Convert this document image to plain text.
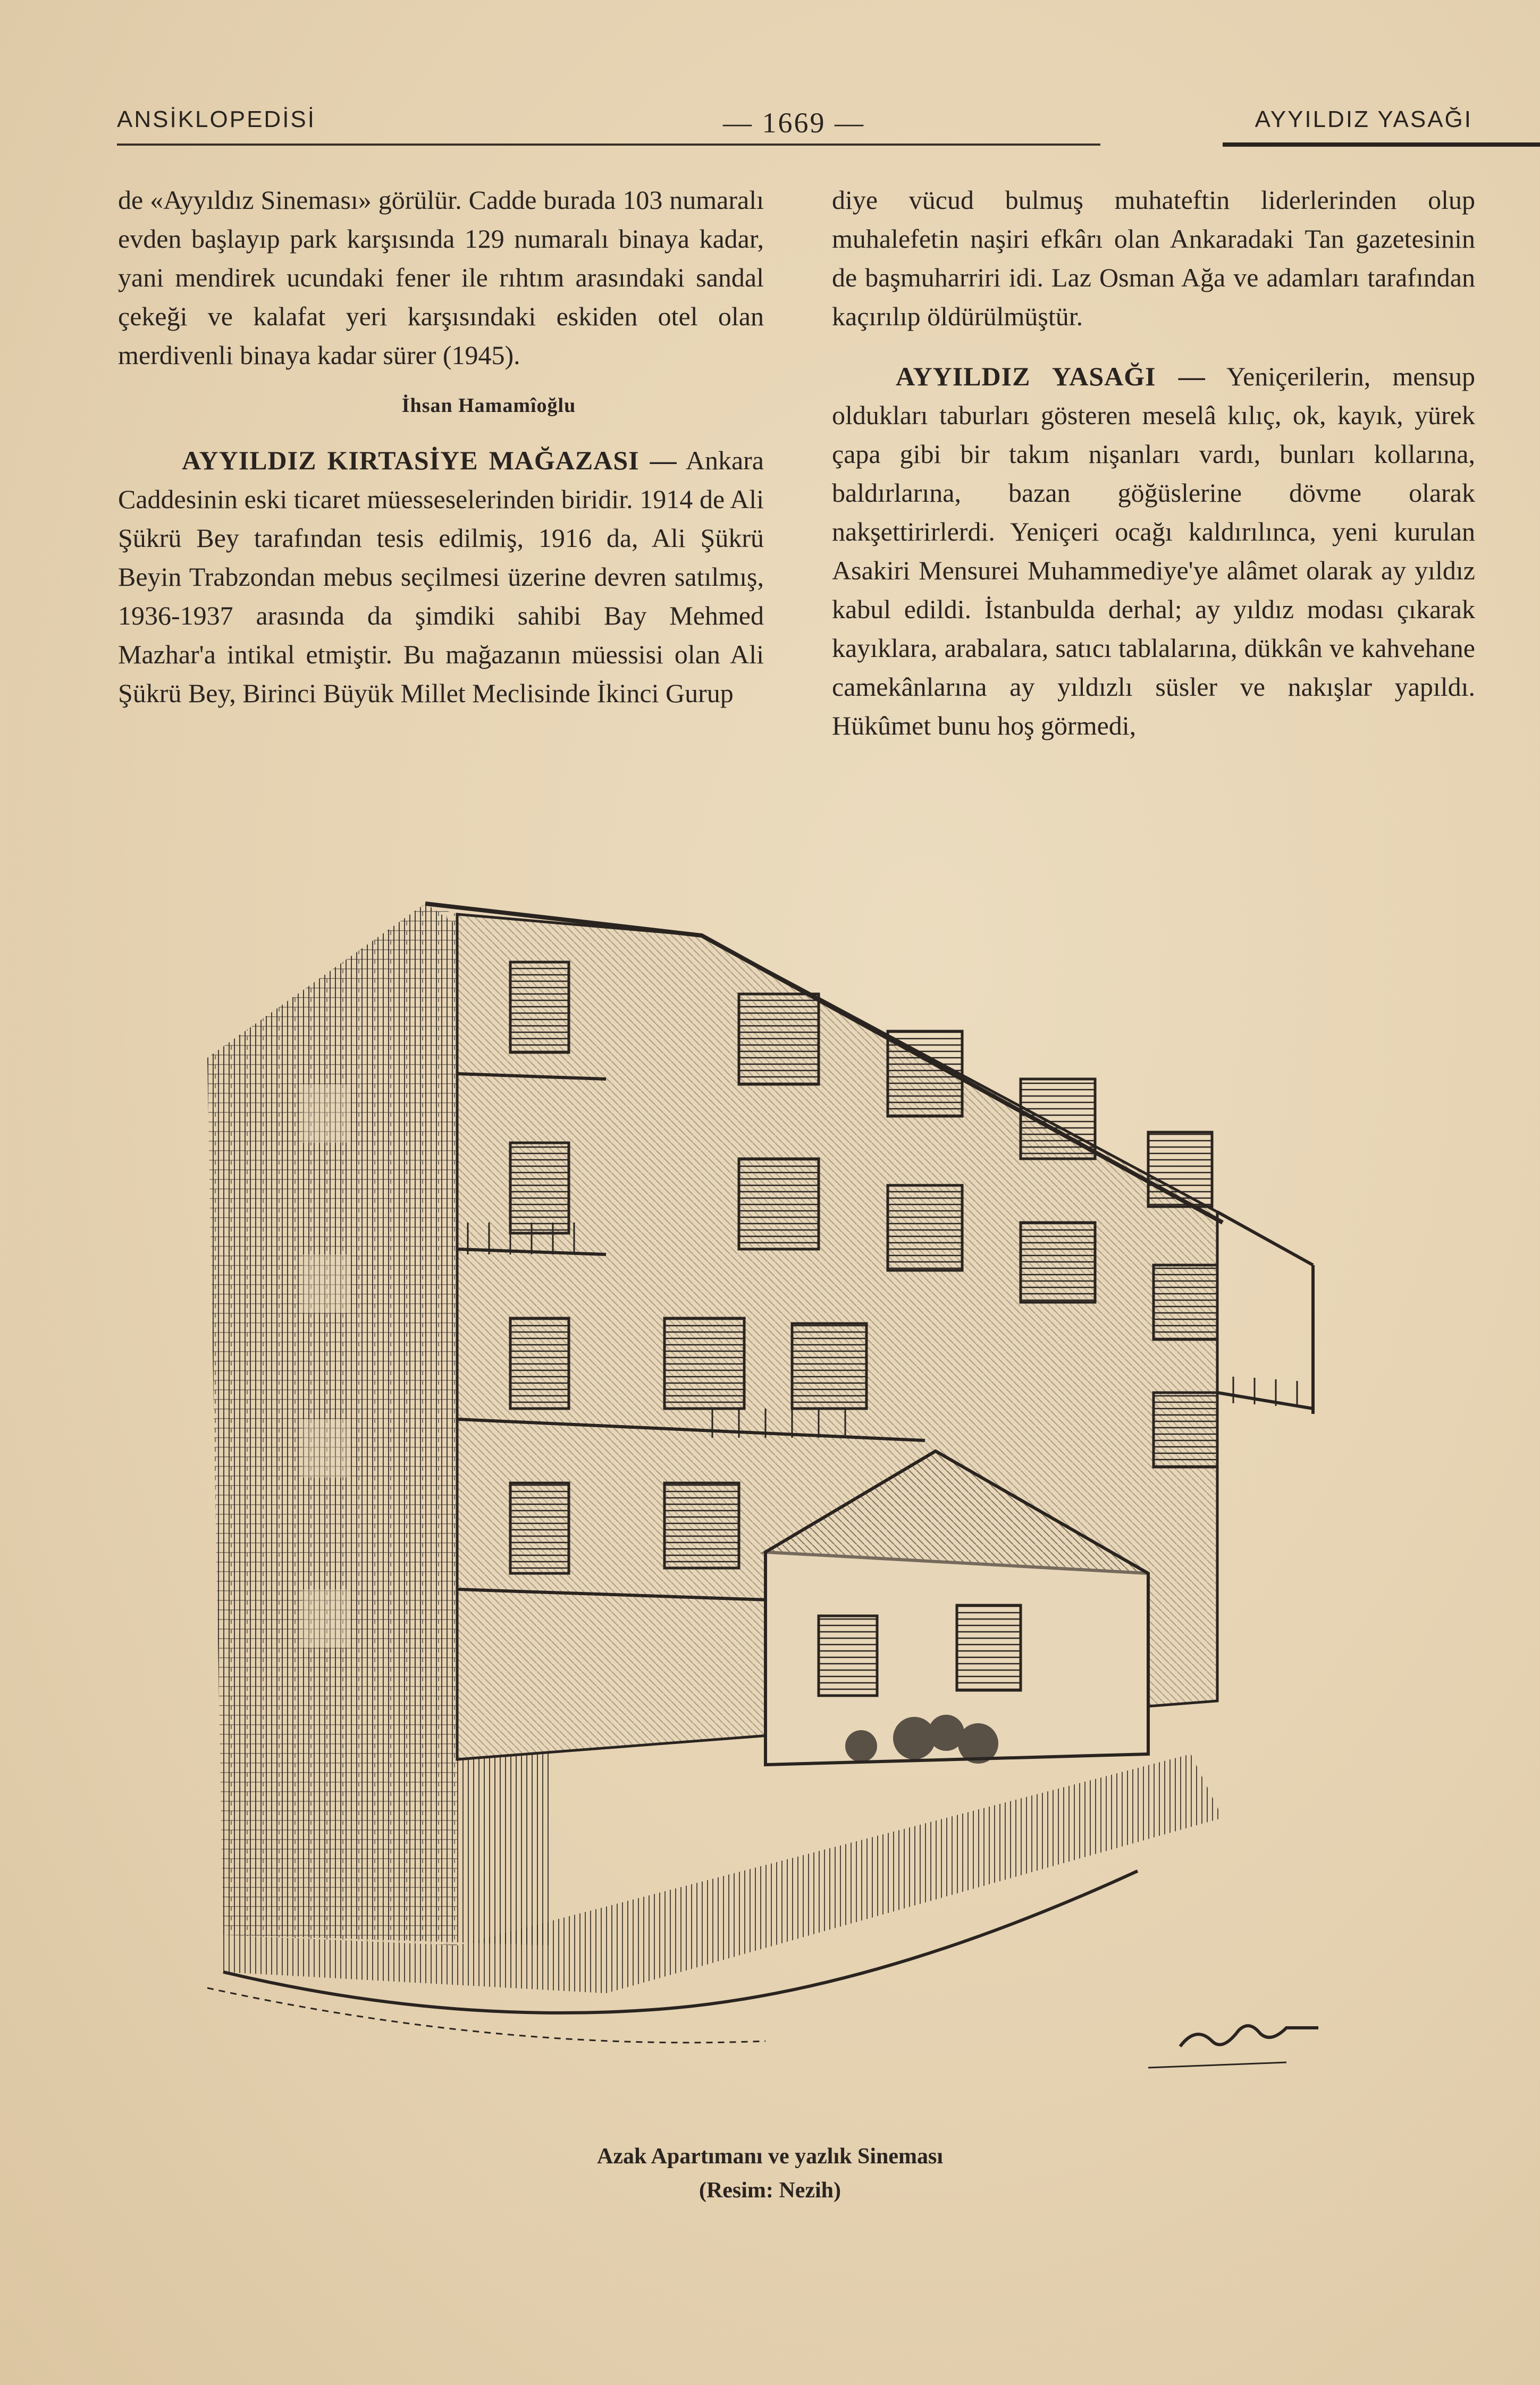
ANSİKLOPEDİSİ	— 1669 —	AYYILDIZ YASAĞI

de «Ayyıldız Sineması» görülür. Cadde burada 103 numaralı evden başlayıp park karşısında 129 numaralı binaya kadar, yani mendirek ucundaki fener ile rıhtım arasındaki sandal çekeği ve kalafat yeri karşısındaki eskiden otel olan merdivenli binaya kadar sürer (1945).

İhsan Hamamîoğlu

AYYILDIZ KIRTASİYE MAĞAZASI — Ankara Caddesinin eski ticaret müesseselerinden biridir. 1914 de Ali Şükrü Bey tarafından tesis edilmiş, 1916 da, Ali Şükrü Beyin Trabzondan mebus seçilmesi üzerine devren satılmış, 1936-1937 arasında da şimdiki sahibi Bay Mehmed Mazhar'a intikal etmiştir. Bu mağazanın müessisi olan Ali Şükrü Bey, Birinci Büyük Millet Meclisinde İkinci Gurup

diye vücud bulmuş muhateftin liderlerinden olup muhalefetin naşiri efkârı olan Ankaradaki Tan gazetesinin de başmuharriri idi. Laz Osman Ağa ve adamları tarafından kaçırılıp öldürülmüştür.

AYYILDIZ YASAĞI — Yeniçerilerin, mensup oldukları taburları gösteren meselâ kılıç, ok, kayık, yürek çapa gibi bir takım nişanları vardı, bunları kollarına, baldırlarına, bazan göğüslerine dövme olarak nakşettirirlerdi. Yeniçeri ocağı kaldırılınca, yeni kurulan Asakiri Mensurei Muhammediye'ye alâmet olarak ay yıldız kabul edildi. İstanbulda derhal; ay yıldız modası çıkarak kayıklara, arabalara, satıcı tablalarına, dükkân ve kahvehane camekânlarına ay yıldızlı süsler ve nakışlar yapıldı. Hükûmet bunu hoş görmedi,

Azak Apartımanı ve yazlık Sineması
(Resim: Nezih)
